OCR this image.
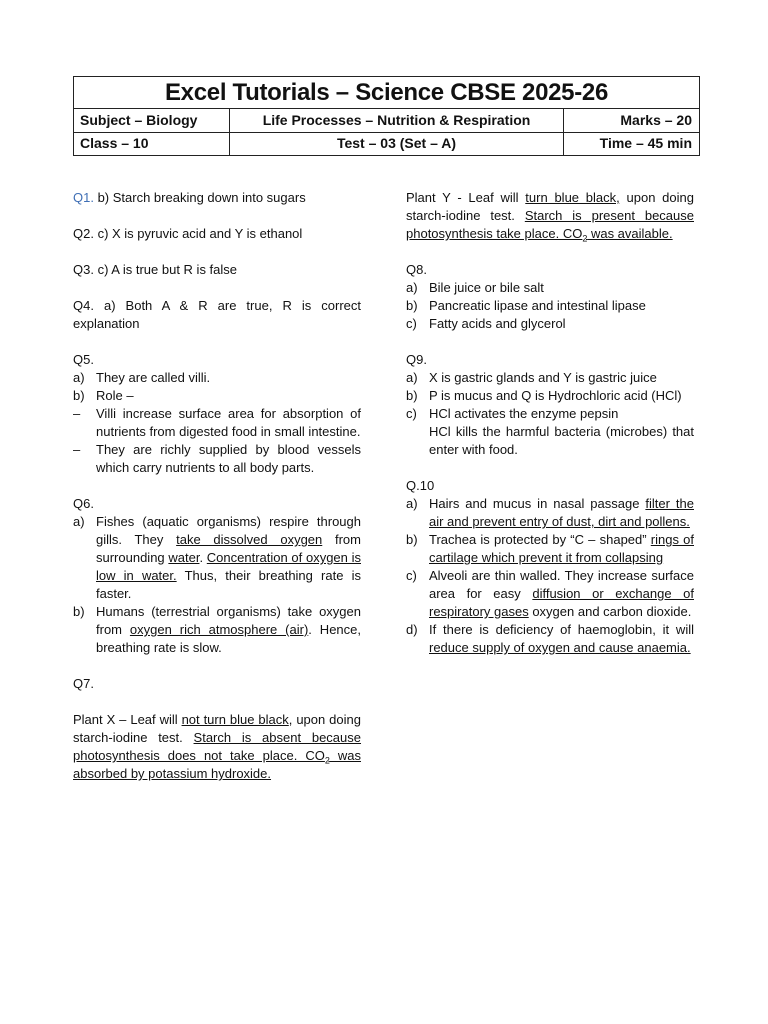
Excel Tutorials – Science CBSE 2025-26
Subject – Biology	Life Processes – Nutrition & Respiration	Marks – 20
Class – 10	Test – 03 (Set – A)	Time – 45 min

Q1. b) Starch breaking down into sugars

Q2. c) X is pyruvic acid and Y is ethanol

Q3. c) A is true but R is false

Q4. a) Both A & R are true, R is correct explanation

Q5.

a) They are called villi.
b) Role –
–	Villi increase surface area for absorption of nutrients from digested food in small intestine.
–	They are richly supplied by blood vessels which carry nutrients to all body parts.

Q6.

a) Fishes (aquatic organisms) respire through gills. They take dissolved oxygen from surrounding water. Concentration of oxygen is low in water. Thus, their breathing rate is faster.
b) Humans (terrestrial organisms) take oxygen from oxygen rich atmosphere (air). Hence, breathing rate is slow.

Q7.

Plant X – Leaf will not turn blue black, upon doing starch-iodine test. Starch is absent because photosynthesis does not take place. $CO_2$ was absorbed by potassium hydroxide.

Plant Y - Leaf will turn blue black, upon doing starch-iodine test. Starch is present because photosynthesis take place. $CO_2$ was available.

Q8.

a) Bile juice or bile salt
b) Pancreatic lipase and intestinal lipase
c) Fatty acids and glycerol

Q9.

a) X is gastric glands and Y is gastric juice
b) P is mucus and Q is Hydrochloric acid (HCl)
c) HCl activates the enzyme pepsin

HCl kills the harmful bacteria (microbes) that enter with food.

Q.10

a) Hairs and mucus in nasal passage filter the air and prevent entry of dust, dirt and pollens.
b) Trachea is protected by “C – shaped” rings of cartilage which prevent it from collapsing
c) Alveoli are thin walled. They increase surface area for easy diffusion or exchange of respiratory gases oxygen and carbon dioxide.
d) If there is deficiency of haemoglobin, it will reduce supply of oxygen and cause anaemia.
